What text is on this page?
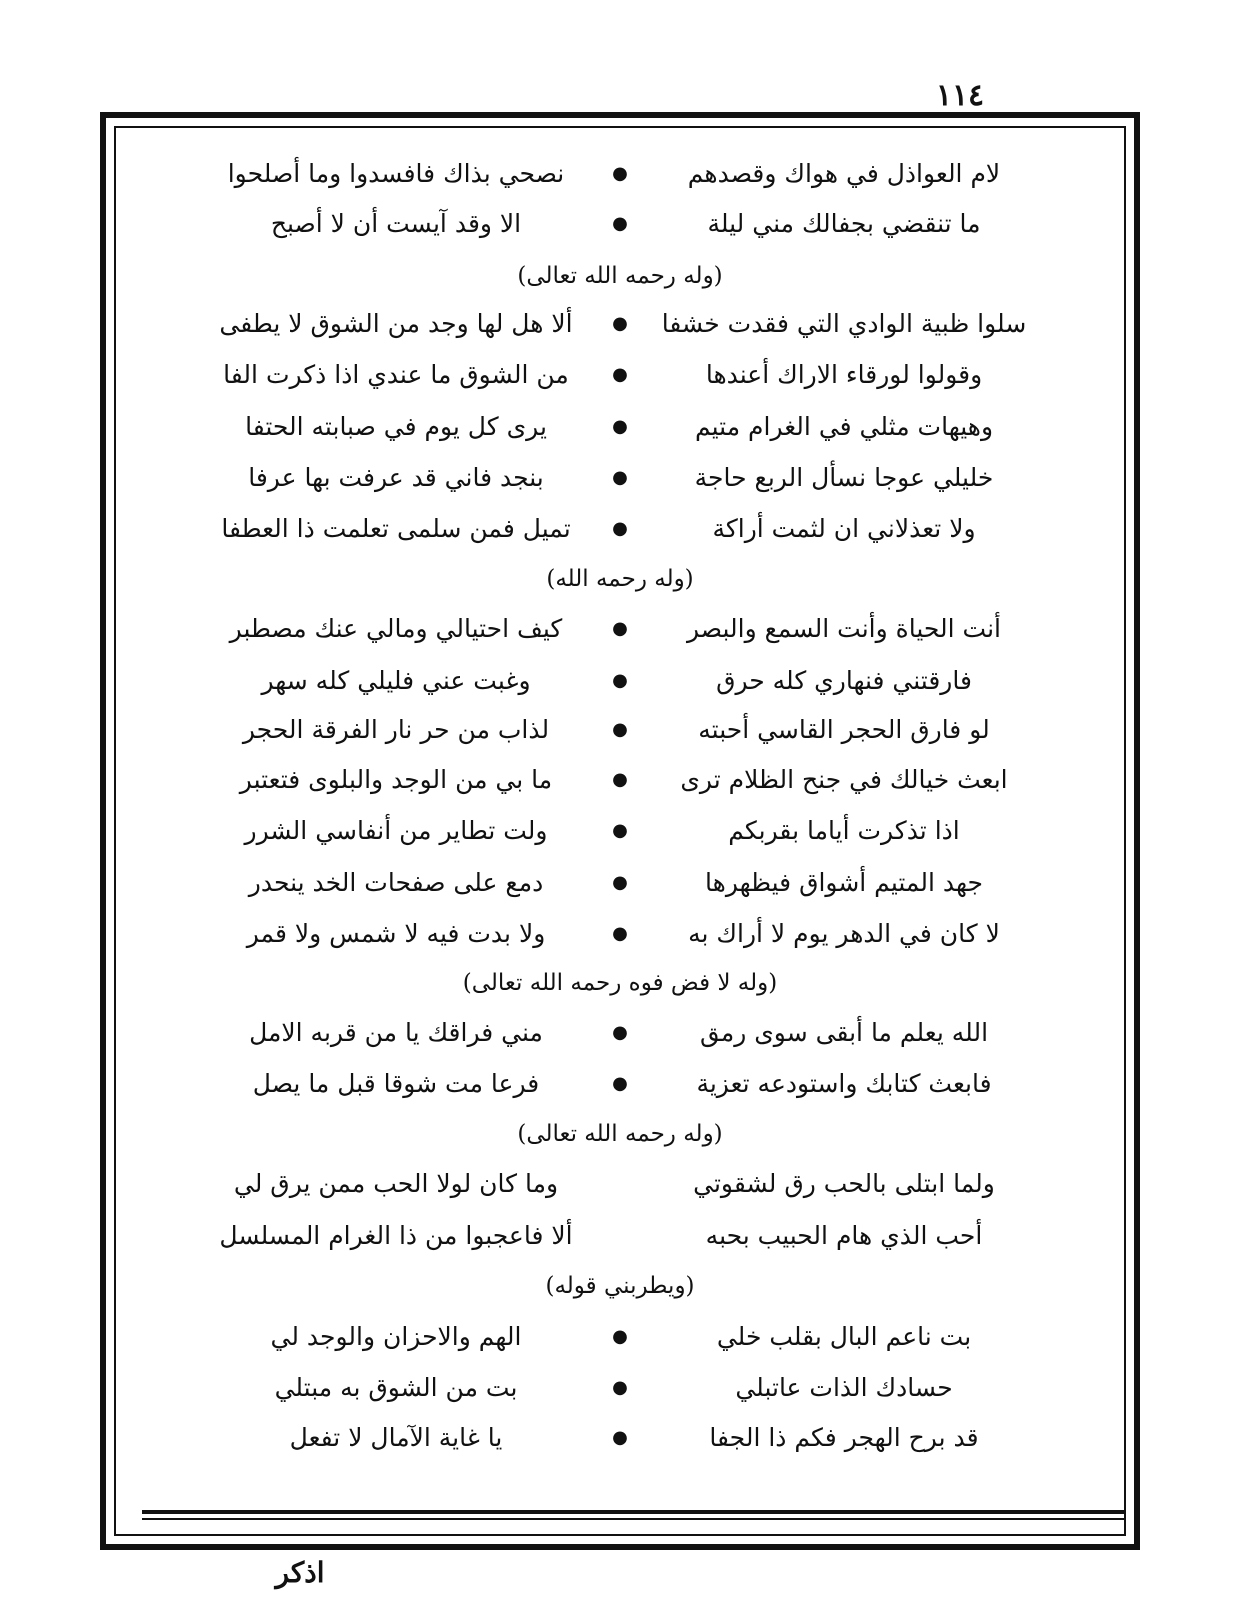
١١٤
لام العواذل في هواك وقصدهم
●
نصحي بذاك فافسدوا وما أصلحوا
ما تنقضي بجفالك مني ليلة
●
الا وقد آيست أن لا أصبح
(وله رحمه الله تعالى)
سلوا ظبية الوادي التي فقدت خشفا
●
ألا هل لها وجد من الشوق لا يطفى
وقولوا لورقاء الاراك أعندها
●
من الشوق ما عندي اذا ذكرت الفا
وهيهات مثلي في الغرام متيم
●
يرى كل يوم في صبابته الحتفا
خليلي عوجا نسأل الربع حاجة
●
بنجد فاني قد عرفت بها عرفا
ولا تعذلاني ان لثمت أراكة
●
تميل فمن سلمى تعلمت ذا العطفا
(وله رحمه الله)
أنت الحياة وأنت السمع والبصر
●
كيف احتيالي ومالي عنك مصطبر
فارقتني فنهاري كله حرق
●
وغبت عني فليلي كله سهر
لو فارق الحجر القاسي أحبته
●
لذاب من حر نار الفرقة الحجر
ابعث خيالك في جنح الظلام ترى
●
ما بي من الوجد والبلوى فتعتبر
اذا تذكرت أياما بقربكم
●
ولت تطاير من أنفاسي الشرر
جهد المتيم أشواق فيظهرها
●
دمع على صفحات الخد ينحدر
لا كان في الدهر يوم لا أراك به
●
ولا بدت فيه لا شمس ولا قمر
(وله لا فض فوه رحمه الله تعالى)
الله يعلم ما أبقى سوى رمق
●
مني فراقك يا من قربه الامل
فابعث كتابك واستودعه تعزية
●
فرعا مت شوقا قبل ما يصل
(وله رحمه الله تعالى)
ولما ابتلى بالحب رق لشقوتي
وما كان لولا الحب ممن يرق لي
أحب الذي هام الحبيب بحبه
ألا فاعجبوا من ذا الغرام المسلسل
(ويطربني قوله)
بت ناعم البال بقلب خلي
●
الهم والاحزان والوجد لي
حسادك الذات عاتبلي
●
بت من الشوق به مبتلي
قد برح الهجر فكم ذا الجفا
●
يا غاية الآمال لا تفعل
اذكر
